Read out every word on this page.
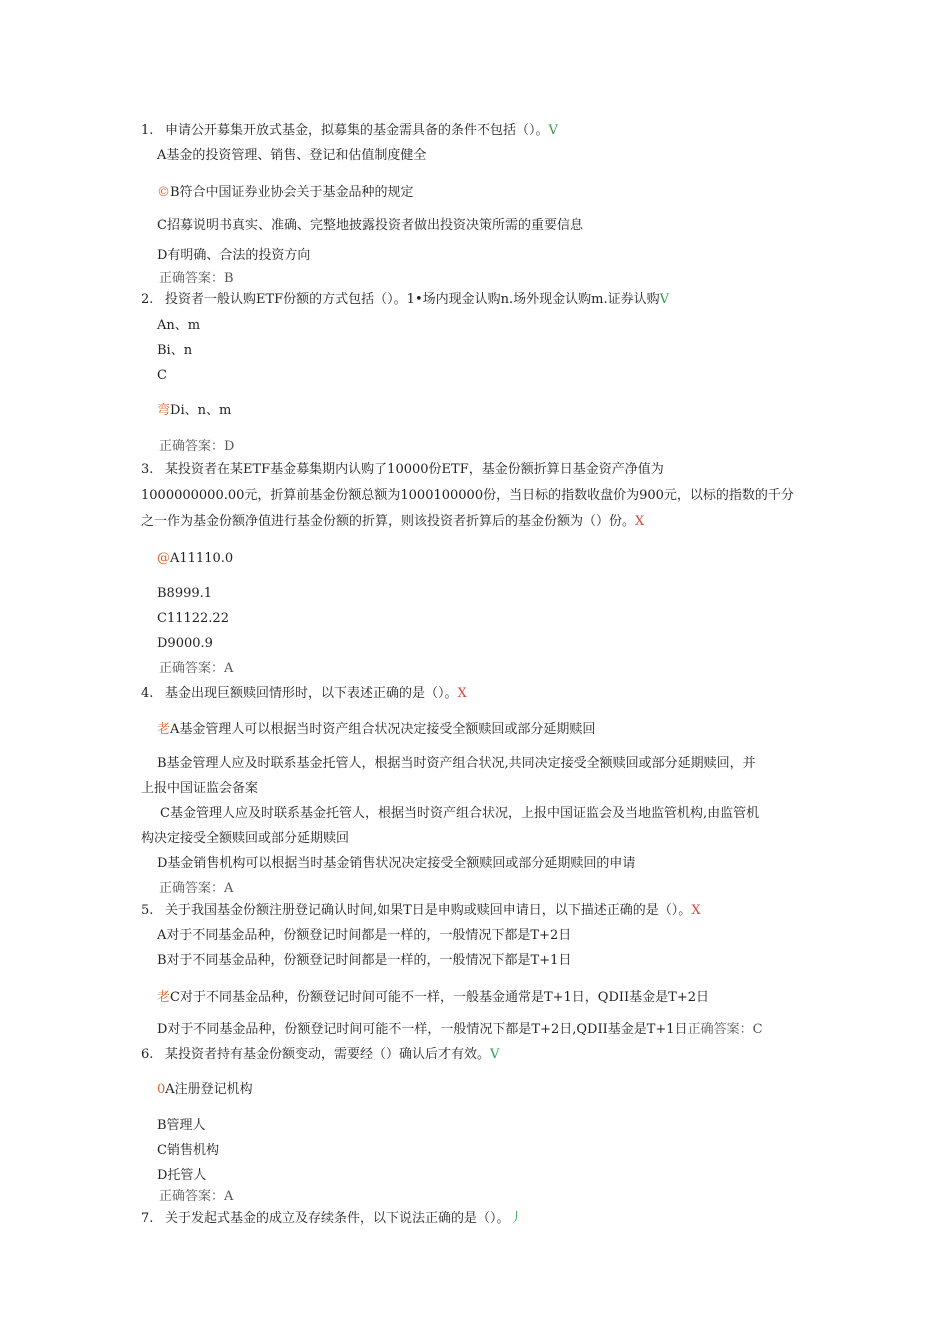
1. 申请公开募集开放式基金，拟募集的基金需具备的条件不包括（）。V
A基金的投资管理、销售、登记和估值制度健全
©B符合中国证券业协会关于基金品种的规定
C招募说明书真实、准确、完整地披露投资者做出投资决策所需的重要信息
D有明确、合法的投资方向
正确答案：B
2. 投资者一般认购ETF份额的方式包括（）。1•场内现金认购n.场外现金认购m.证券认购V
An、m
Bi、n
C
弯Di、n、m
正确答案：D
3. 某投资者在某ETF基金募集期内认购了10000份ETF，基金份额折算日基金资产净值为
1000000000.00元，折算前基金份额总额为1000100000份，当日标的指数收盘价为900元，以标的指数的千分
之一作为基金份额净值进行基金份额的折算，则该投资者折算后的基金份额为（）份。X
@A11110.0
B8999.1
C11122.22
D9000.9
正确答案：A
4. 基金出现巨额赎回情形时，以下表述正确的是（）。X
老A基金管理人可以根据当时资产组合状况决定接受全额赎回或部分延期赎回
B基金管理人应及时联系基金托管人，根据当时资产组合状况,共同决定接受全额赎回或部分延期赎回，并
上报中国证监会备案
C基金管理人应及时联系基金托管人，根据当时资产组合状况，上报中国证监会及当地监管机构,由监管机
构决定接受全额赎回或部分延期赎回
D基金销售机构可以根据当时基金销售状况决定接受全额赎回或部分延期赎回的申请
正确答案：A
5. 关于我国基金份额注册登记确认时间,如果T日是申购或赎回申请日，以下描述正确的是（）。X
A对于不同基金品种，份额登记时间都是一样的，一般情况下都是T+2日
B对于不同基金品种，份额登记时间都是一样的，一般情况下都是T+1日
老C对于不同基金品种，份额登记时间可能不一样，一般基金通常是T+1日，QDII基金是T+2日
D对于不同基金品种，份额登记时间可能不一样，一般情况下都是T+2日,QDII基金是T+1日正确答案：C
6. 某投资者持有基金份额变动，需要经（）确认后才有效。V
0A注册登记机构
B管理人
C销售机构
D托管人
正确答案：A
7. 关于发起式基金的成立及存续条件，以下说法正确的是（）。丿
